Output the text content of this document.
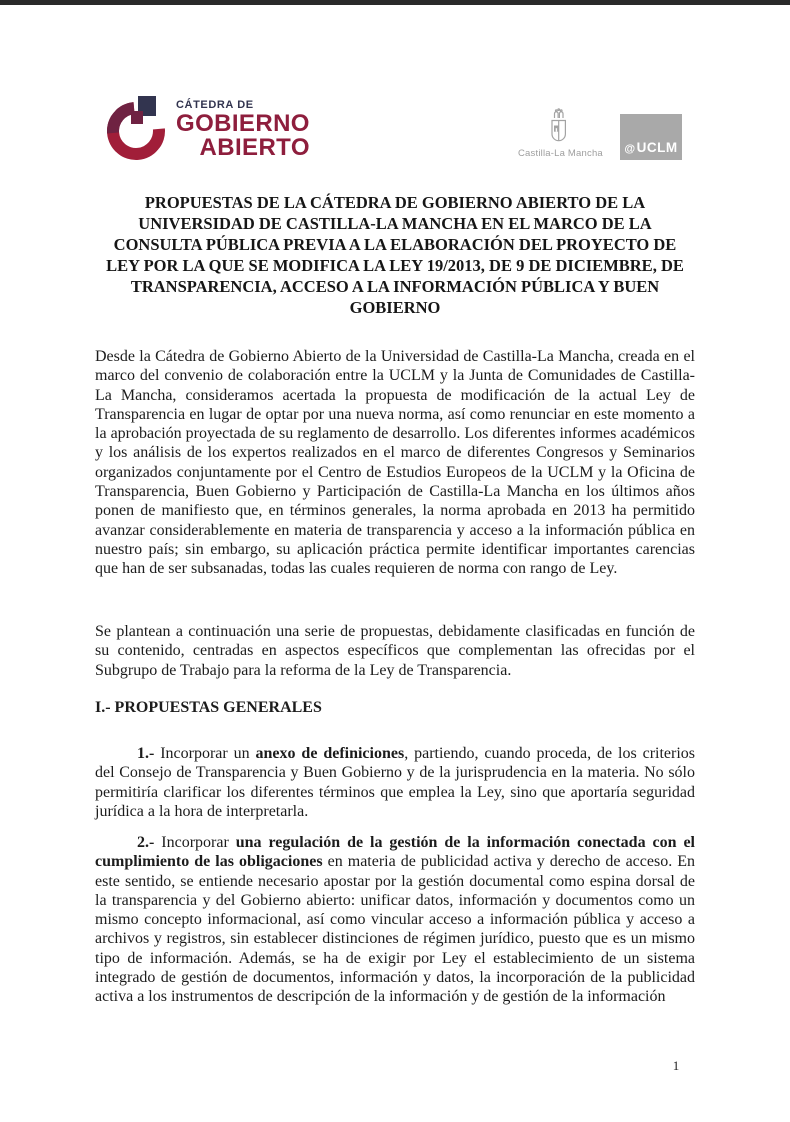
CÁTEDRA DE
GOBIERNO
ABIERTO	Castilla-La Mancha @ UCLM
PROPUESTAS DE LA CÁTEDRA DE GOBIERNO ABIERTO DE LA UNIVERSIDAD DE CASTILLA-LA MANCHA EN EL MARCO DE LA CONSULTA PÚBLICA PREVIA A LA ELABORACIÓN DEL PROYECTO DE LEY POR LA QUE SE MODIFICA LA LEY 19/2013, DE 9 DE DICIEMBRE, DE TRANSPARENCIA, ACCESO A LA INFORMACIÓN PÚBLICA Y BUEN GOBIERNO

Desde la Cátedra de Gobierno Abierto de la Universidad de Castilla-La Mancha, creada en el marco del convenio de colaboración entre la UCLM y la Junta de Comunidades de Castilla-La Mancha, consideramos acertada la propuesta de modificación de la actual Ley de Transparencia en lugar de optar por una nueva norma, así como renunciar en este momento a la aprobación proyectada de su reglamento de desarrollo. Los diferentes informes académicos y los análisis de los expertos realizados en el marco de diferentes Congresos y Seminarios organizados conjuntamente por el Centro de Estudios Europeos de la UCLM y la Oficina de Transparencia, Buen Gobierno y Participación de Castilla-La Mancha en los últimos años ponen de manifiesto que, en términos generales, la norma aprobada en 2013 ha permitido avanzar considerablemente en materia de transparencia y acceso a la información pública en nuestro país; sin embargo, su aplicación práctica permite identificar importantes carencias que han de ser subsanadas, todas las cuales requieren de norma con rango de Ley.

Se plantean a continuación una serie de propuestas, debidamente clasificadas en función de su contenido, centradas en aspectos específicos que complementan las ofrecidas por el Subgrupo de Trabajo para la reforma de la Ley de Transparencia.

I.- PROPUESTAS GENERALES

1.- Incorporar un anexo de definiciones, partiendo, cuando proceda, de los criterios del Consejo de Transparencia y Buen Gobierno y de la jurisprudencia en la materia. No sólo permitiría clarificar los diferentes términos que emplea la Ley, sino que aportaría seguridad jurídica a la hora de interpretarla.

2.- Incorporar una regulación de la gestión de la información conectada con el cumplimiento de las obligaciones en materia de publicidad activa y derecho de acceso. En este sentido, se entiende necesario apostar por la gestión documental como espina dorsal de la transparencia y del Gobierno abierto: unificar datos, información y documentos como un mismo concepto informacional, así como vincular acceso a información pública y acceso a archivos y registros, sin establecer distinciones de régimen jurídico, puesto que es un mismo tipo de información. Además, se ha de exigir por Ley el establecimiento de un sistema integrado de gestión de documentos, información y datos, la incorporación de la publicidad activa a los instrumentos de descripción de la información y de gestión de la información

1
